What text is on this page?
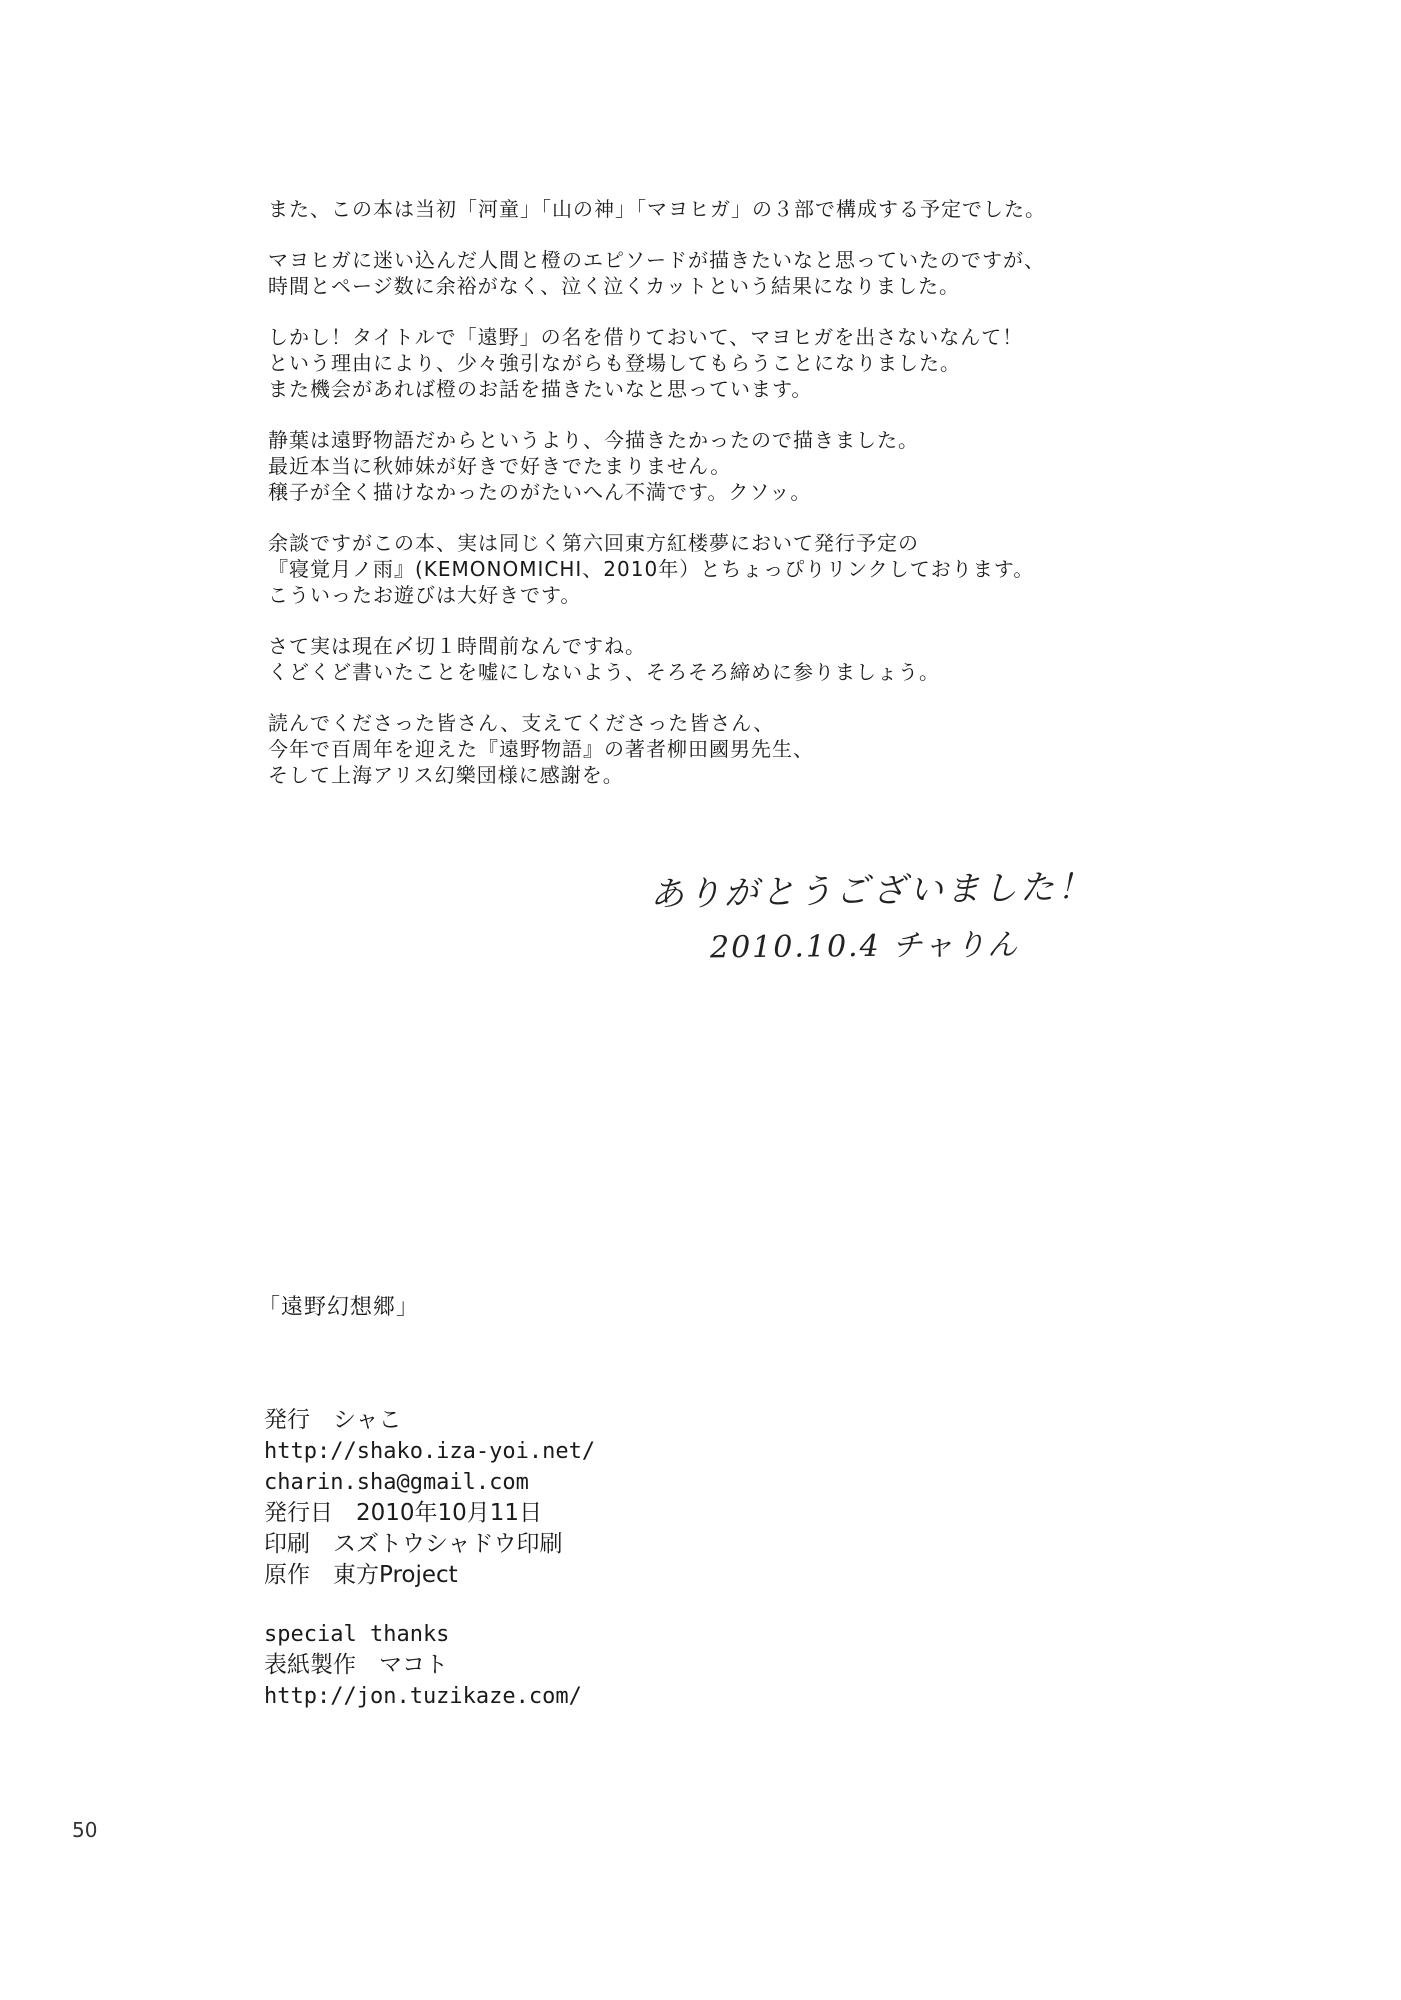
また、この本は当初「河童」「山の神」「マヨヒガ」の３部で構成する予定でした。
マヨヒガに迷い込んだ人間と橙のエピソードが描きたいなと思っていたのですが、
時間とページ数に余裕がなく、泣く泣くカットという結果になりました。
しかし！タイトルで「遠野」の名を借りておいて、マヨヒガを出さないなんて！
という理由により、少々強引ながらも登場してもらうことになりました。
また機会があれば橙のお話を描きたいなと思っています。
静葉は遠野物語だからというより、今描きたかったので描きました。
最近本当に秋姉妹が好きで好きでたまりません。
穣子が全く描けなかったのがたいへん不満です。クソッ。
余談ですがこの本、実は同じく第六回東方紅楼夢において発行予定の
『寝覚月ノ雨』(KEMONOMICHI、2010年）とちょっぴりリンクしております。
こういったお遊びは大好きです。
さて実は現在〆切１時間前なんですね。
くどくど書いたことを嘘にしないよう、そろそろ締めに参りましょう。
読んでくださった皆さん、支えてくださった皆さん、
今年で百周年を迎えた『遠野物語』の著者柳田國男先生、
そして上海アリス幻樂団様に感謝を。
ありがとうございました！
2010.10.4 チャりん

「遠野幻想郷」

発行　シャこ
http://shako.iza-yoi.net/
charin.sha@gmail.com
発行日　2010年10月11日
印刷　スズトウシャドウ印刷
原作　東方Project
special thanks
表紙製作　マコト
http://jon.tuzikaze.com/
50
